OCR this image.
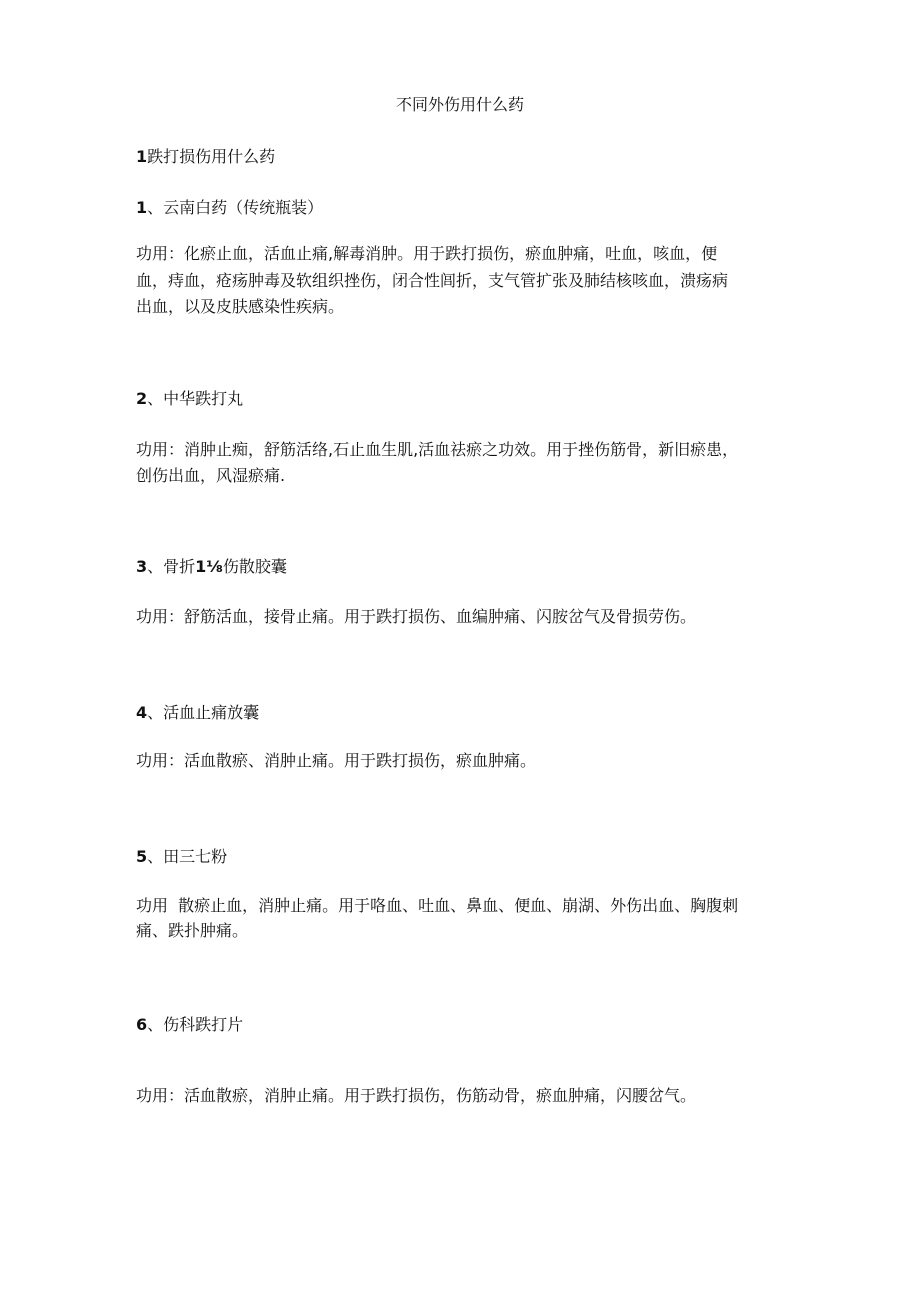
不同外伤用什么药
1跌打损伤用什么药
1、云南白药（传统瓶装）
功用：化瘀止血，活血止痛,解毒消肿。用于跌打损伤，瘀血肿痛，吐血，咳血，便
血，痔血，疮疡肿毒及软组织挫伤，闭合性闾折，支气管扩张及肺结核咳血，溃疡病
出血，以及皮肤感染性疾病。
2、中华跌打丸
功用：消肿止痴，舒筋活络,石止血生肌,活血祛瘀之功效。用于挫伤筋骨，新旧瘀患，
创伤出血，风湿瘀痛.
3、骨折1⅛伤散胶囊
功用：舒筋活血，接骨止痛。用于跌打损伤、血编肿痛、闪胺岔气及骨损劳伤。
4、活血止痛放囊
功用：活血散瘀、消肿止痛。用于跌打损伤，瘀血肿痛。
5、田三七粉
功用  散瘀止血，消肿止痛。用于咯血、吐血、鼻血、便血、崩湖、外伤出血、胸腹刺
痛、跌扑肿痛。
6、伤科跌打片
功用：活血散瘀，消肿止痛。用于跌打损伤，伤筋动骨，瘀血肿痛，闪腰岔气。
